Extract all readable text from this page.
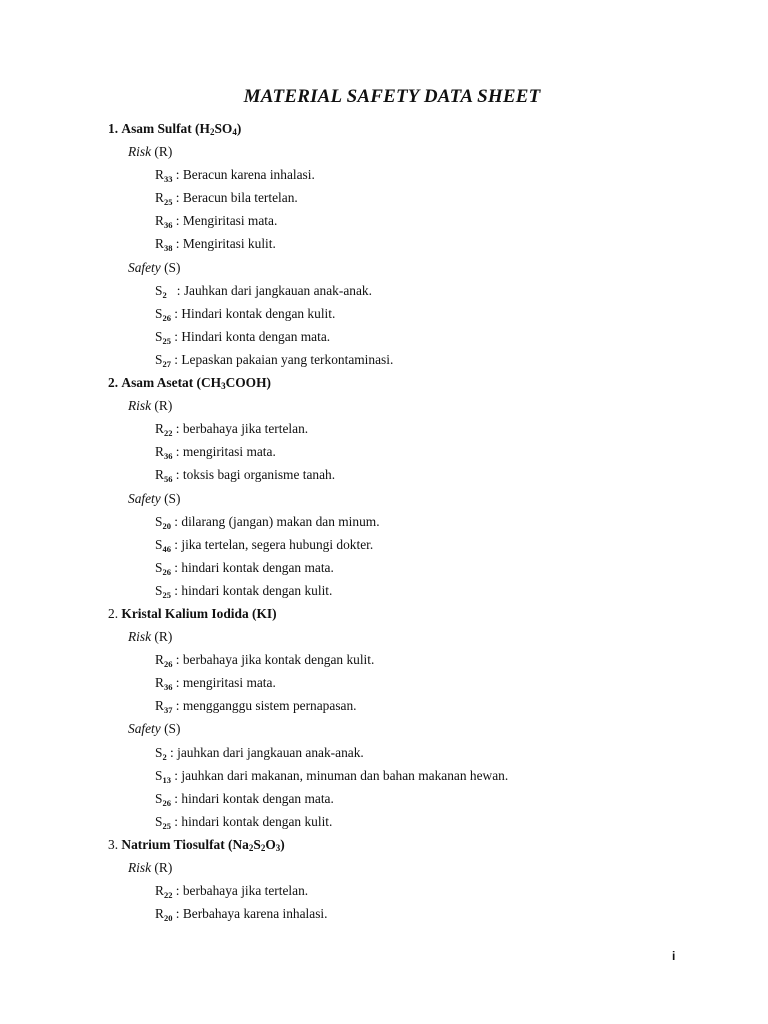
MATERIAL SAFETY DATA SHEET
1. Asam Sulfat $(H_2SO_4)$
Risk (R)
$R_{33}$ : Beracun karena inhalasi.
$R_{25}$ : Beracun bila tertelan.
$R_{36}$ : Mengiritasi mata.
$R_{38}$ : Mengiritasi kulit.
Safety (S)
$S_2$   : Jauhkan dari jangkauan anak-anak.
$S_{26}$ : Hindari kontak dengan kulit.
$S_{25}$ : Hindari konta dengan mata.
$S_{27}$ : Lepaskan pakaian yang terkontaminasi.
2. Asam Asetat $(CH_3COOH)$
Risk (R)
$R_{22}$ : berbahaya jika tertelan.
$R_{36}$ : mengiritasi mata.
$R_{56}$ : toksis bagi organisme tanah.
Safety (S)
$S_{20}$ : dilarang (jangan) makan dan minum.
$S_{46}$ : jika tertelan, segera hubungi dokter.
$S_{26}$ : hindari kontak dengan mata.
$S_{25}$ : hindari kontak dengan kulit.
2. Kristal Kalium Iodida (KI)
Risk (R)
$R_{26}$ : berbahaya jika kontak dengan kulit.
$R_{36}$ : mengiritasi mata.
$R_{37}$ : mengganggu sistem pernapasan.
Safety (S)
$S_2$ : jauhkan dari jangkauan anak-anak.
$S_{13}$ : jauhkan dari makanan, minuman dan bahan makanan hewan.
$S_{26}$ : hindari kontak dengan mata.
$S_{25}$ : hindari kontak dengan kulit.
3. Natrium Tiosulfat $(Na_2S_2O_3)$
Risk (R)
$R_{22}$ : berbahaya jika tertelan.
$R_{20}$ : Berbahaya karena inhalasi.
i
